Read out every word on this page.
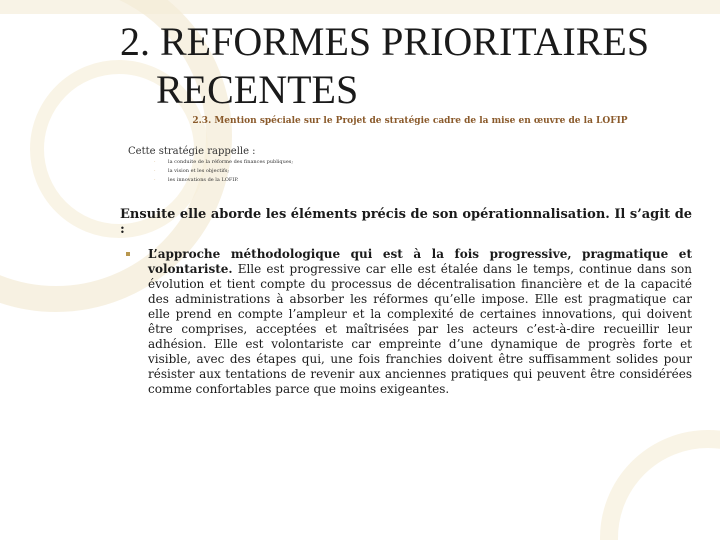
2. REFORMES PRIORITAIRES
RECENTES
2.3. Mention spéciale sur le Projet de stratégie cadre de la mise en œuvre de la LOFIP
Cette stratégie rappelle :
· la conduite de la réforme des finances publiques;
· la vision et les objectifs;
· les innovations de la LOFIP.
Ensuite elle aborde les éléments précis de son opérationnalisation. Il s’agit de :
L’approche méthodologique qui est à la fois progressive, pragmatique et volontariste. Elle est progressive car elle est étalée dans le temps, continue dans son évolution et tient compte du processus de décentralisation financière et de la capacité des administrations à absorber les réformes qu’elle impose. Elle est pragmatique car elle prend en compte l’ampleur et la complexité de certaines innovations, qui doivent être comprises, acceptées et maîtrisées par les acteurs c’est-à-dire recueillir leur adhésion. Elle est volontariste car empreinte d’une dynamique de progrès forte et visible, avec des étapes qui, une fois franchies doivent être suffisamment solides pour résister aux tentations de revenir aux anciennes pratiques qui peuvent être considérées comme confortables parce que moins exigeantes.
